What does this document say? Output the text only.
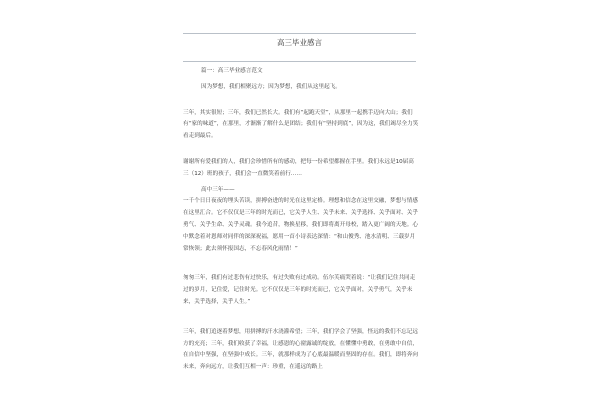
高三毕业感言

篇一：高三毕业感言范文

因为梦想，我们相聚远方；因为梦想，我们从这里起飞。

三年，其实很短；三年，我们已然长大。我们有“起跑天堂”，从那里一起携手迈向大山；我们有“家的味道”，在那里，才渐渐了解什么是团结；我们有“坚持到底”，因为这，我们竭尽全力笑看走到最后。

谢谢所有爱我们的人，我们会珍惜所有的感动，把每一份希望都握在手里。我们永远是10届高三（12）班的孩子，我们会一直微笑着前行……

高中三年——

一千个日日夜夜的埋头苦读，拼搏奋进的时光在这里定格。理想和信念在这里交融，梦想与情感在这里汇合。它不仅仅是三年的时光而已，它关乎人生、关乎未来、关乎选择、关乎面对、关乎勇气、关乎生命、关乎灵魂。我今追昔，物换星移，我们即将离开母校，踏入更广阔的天地。心中默念着对恩师对同伴的深深祝福，愿用一首小诗表达深情：“和山俊秀、池水清明、三载岁月常恢领；此去须怀报国志，不忘春风化雨情！”

匆匆三年，我们有过悲伤有过快乐，有过失败有过成功。伍尔芙痛哭着说：“让我们记住共同走过的岁月，记住爱，记住时光。它不仅仅是三年的时光而已，它关乎面对，关乎勇气，关乎未来，关乎选择，关乎人生。”

三年，我们追逐着梦想，用拼搏的汗水浇灌希望；三年，我们学会了坚强，怪远的我们不忘记远方的充亮；三年，我们收获了幸福，让感恩的心窗露诚的绽放，在懂懂中勇敢，在勇敢中自信，在自信中坚强，在坚强中成长。三年，就那样成为了心底最温暖而坚固的存在。我们，即将奔向未来，奔向远方，让我们互相一声：珍重，在遥远的路上
